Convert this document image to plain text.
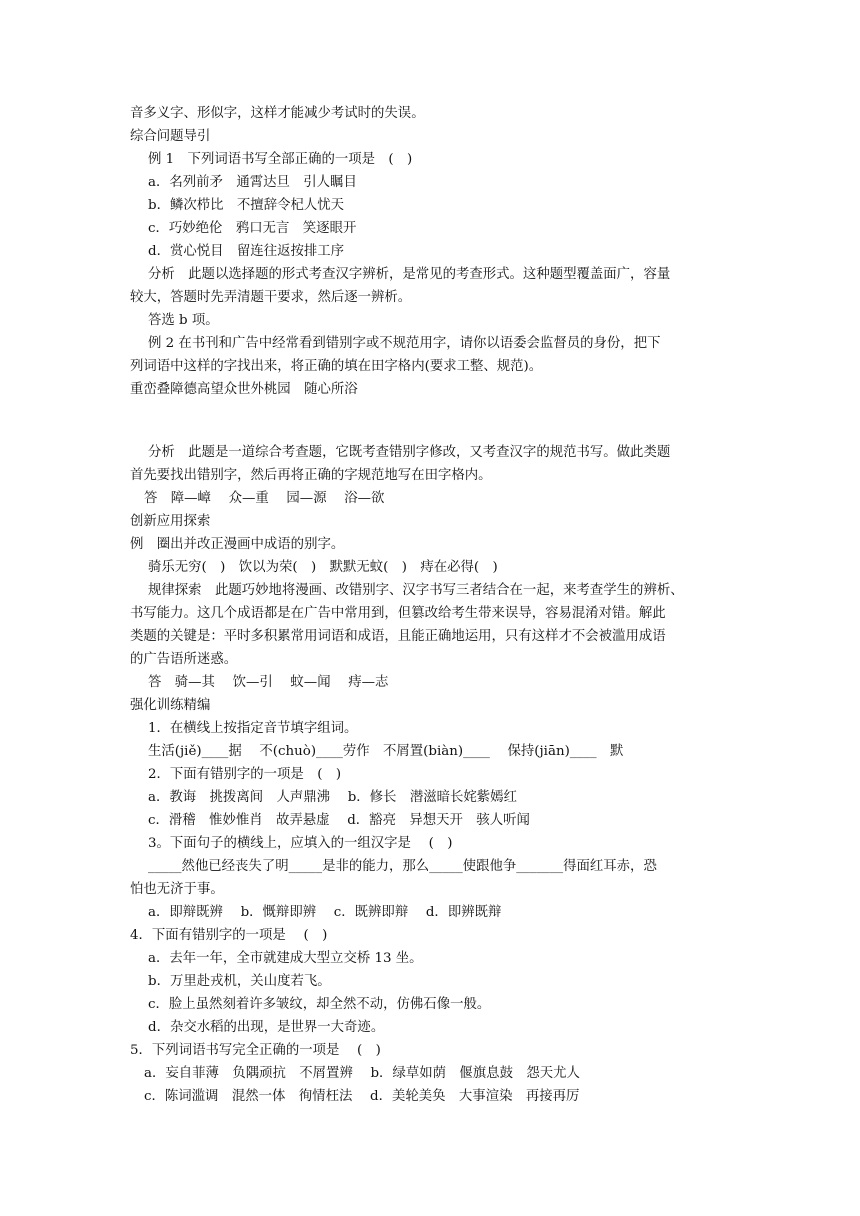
音多义字、形似字，这样才能减少考试时的失误。
综合问题导引
例 1　下列词语书写全部正确的一项是　(　)
a．名列前矛　通霄达旦　引人瞩目
b．鳞次栉比　不擅辞令杞人忧天
c．巧妙绝伦　鸦口无言　笑逐眼开
d．赏心悦目　留连往返按排工序
分析　此题以选择题的形式考查汉字辨析，是常见的考查形式。这种题型覆盖面广，容量
较大，答题时先弄清题干要求，然后逐一辨析。
答选 b 项。
例 2 在书刊和广告中经常看到错别字或不规范用字，请你以语委会监督员的身份，把下
列词语中这样的字找出来，将正确的填在田字格内(要求工整、规范)。
重峦叠障德高望众世外桃园　随心所浴
分析　此题是一道综合考查题，它既考查错别字修改，又考查汉字的规范书写。做此类题
首先要找出错别字，然后再将正确的字规范地写在田字格内。
答　障—嶂　 众—重　 园—源　 浴—欲
创新应用探索
例　圈出并改正漫画中成语的别字。
骑乐无穷(　)　饮以为荣(　)　默默无蚊(　)　痔在必得(　)
规律探索　此题巧妙地将漫画、改错别字、汉字书写三者结合在一起，来考查学生的辨析、
书写能力。这几个成语都是在广告中常用到，但篡改给考生带来误导，容易混淆对错。解此
类题的关键是：平时多积累常用词语和成语，且能正确地运用，只有这样才不会被滥用成语
的广告语所迷惑。
答　骑—其　 饮—引　 蚊—闻　 痔—志
强化训练精编
1．在横线上按指定音节填字组词。
生活(jiě)____据　 不(chuò)____劳作　不屑置(biàn)____　 保持(jiān)____　默
2．下面有错别字的一项是　(　)
a．教诲　挑拨离间　人声鼎沸　 b．修长　潜滋暗长姹紫嫣红
c．滑稽　惟妙惟肖　故弄悬虚　 d．豁亮　异想天开　骇人听闻
3。下面句子的横线上，应填入的一组汉字是　 (　)
_____然他已经丧失了明_____是非的能力，那么_____使跟他争_______得面红耳赤，恐
怕也无济于事。
a．即辩既辨　 b．慨辩即辨　 c．既辨即辩　 d．即辨既辩
4．下面有错别字的一项是　 (　)
a．去年一年，全市就建成大型立交桥 13 坐。
b．万里赴戎机，关山度若飞。
c．脸上虽然刻着许多皱纹，却全然不动，仿佛石像一般。
d．杂交水稻的出现，是世界一大奇迹。
5．下列词语书写完全正确的一项是　 (　)
a．妄自菲薄　负隅顽抗　不屑置辨　 b．绿草如荫　偃旗息鼓　怨天尤人
c．陈词滥调　混然一体　徇情枉法　 d．美轮美奂　大事渲染　再接再厉
